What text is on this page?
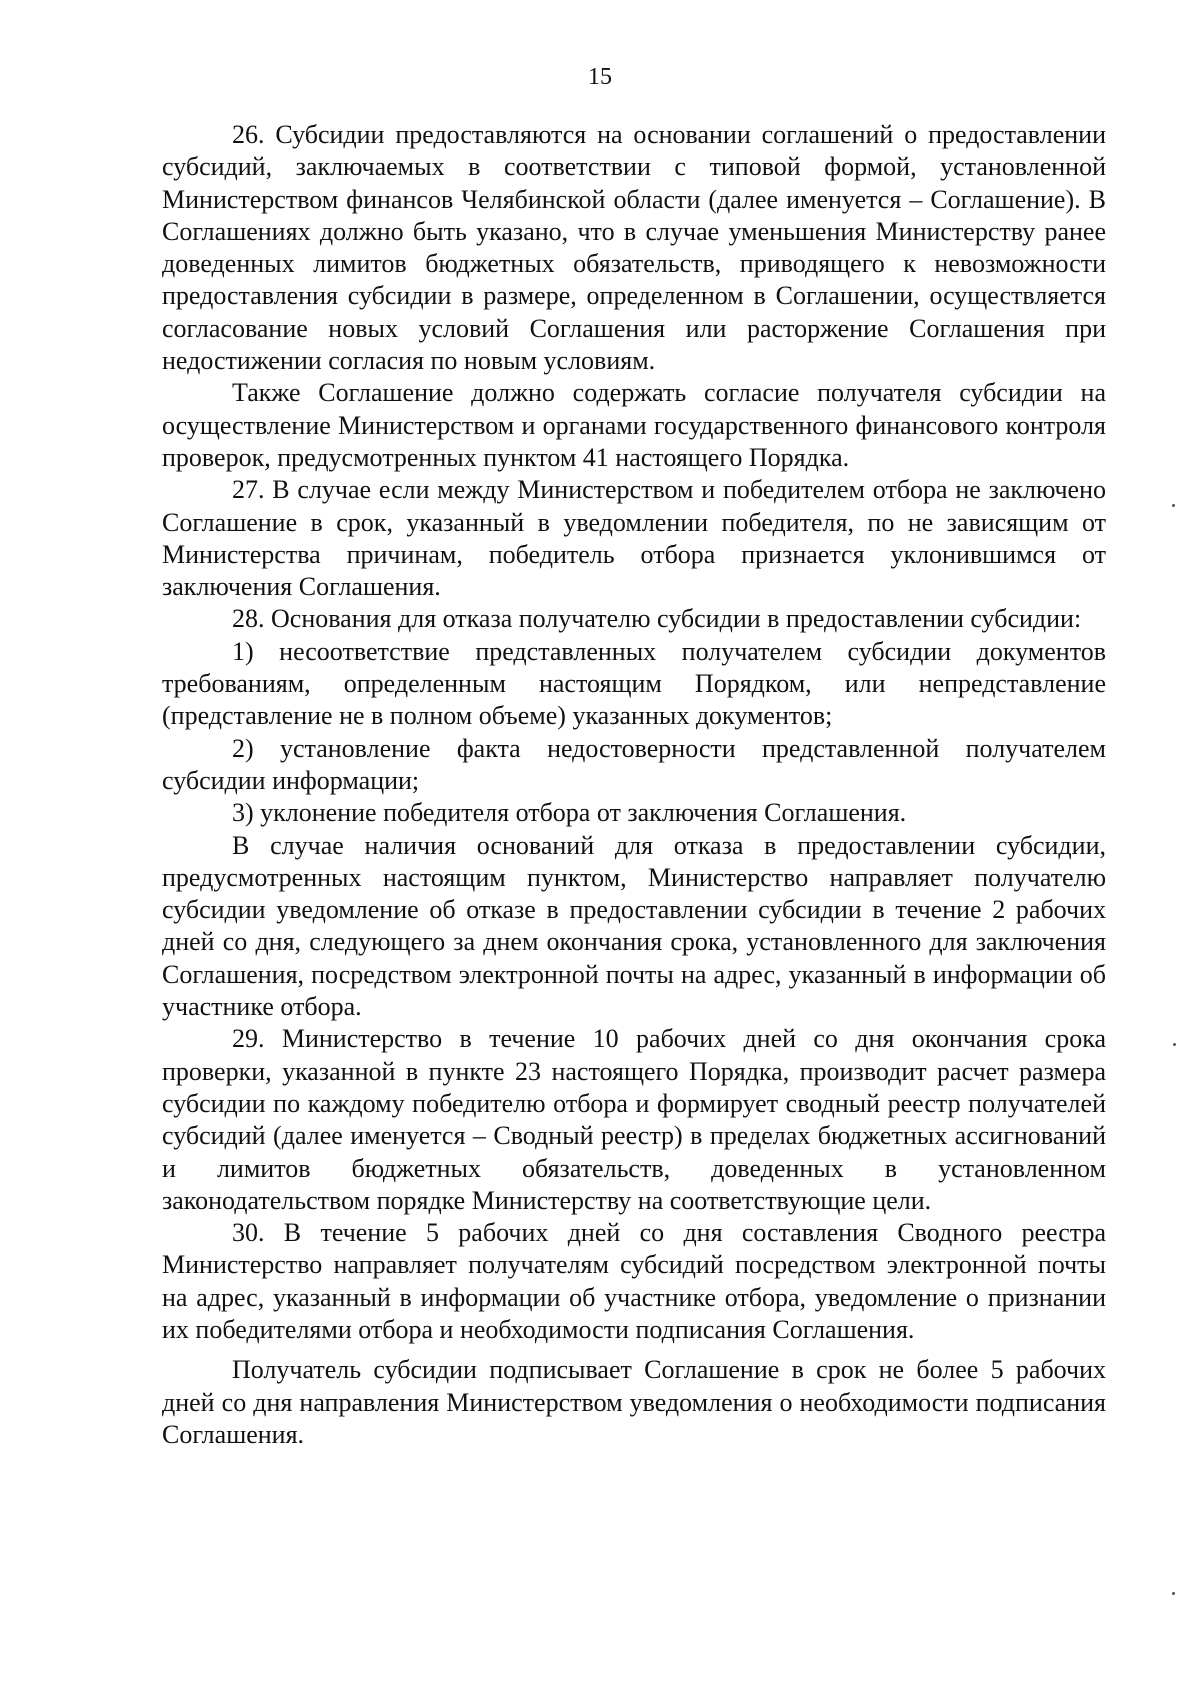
15

26. Субсидии предоставляются на основании соглашений о предоставлении субсидий, заключаемых в соответствии с типовой формой, установленной Министерством финансов Челябинской области (далее именуется – Соглашение). В Соглашениях должно быть указано, что в случае уменьшения Министерству ранее доведенных лимитов бюджетных обязательств, приводящего к невозможности предоставления субсидии в размере, определенном в Соглашении, осуществляется согласование новых условий Соглашения или расторжение Соглашения при недостижении согласия по новым условиям.

Также Соглашение должно содержать согласие получателя субсидии на осуществление Министерством и органами государственного финансового контроля проверок, предусмотренных пунктом 41 настоящего Порядка.

27. В случае если между Министерством и победителем отбора не заключено Соглашение в срок, указанный в уведомлении победителя, по не зависящим от Министерства причинам, победитель отбора признается уклонившимся от заключения Соглашения.

28. Основания для отказа получателю субсидии в предоставлении субсидии:

1) несоответствие представленных получателем субсидии документов требованиям, определенным настоящим Порядком, или непредставление (представление не в полном объеме) указанных документов;

2) установление факта недостоверности представленной получателем субсидии информации;

3) уклонение победителя отбора от заключения Соглашения.

В случае наличия оснований для отказа в предоставлении субсидии, предусмотренных настоящим пунктом, Министерство направляет получателю субсидии уведомление об отказе в предоставлении субсидии в течение 2 рабочих дней со дня, следующего за днем окончания срока, установленного для заключения Соглашения, посредством электронной почты на адрес, указанный в информации об участнике отбора.

29. Министерство в течение 10 рабочих дней со дня окончания срока проверки, указанной в пункте 23 настоящего Порядка, производит расчет размера субсидии по каждому победителю отбора и формирует сводный реестр получателей субсидий (далее именуется – Сводный реестр) в пределах бюджетных ассигнований и лимитов бюджетных обязательств, доведенных в установленном законодательством порядке Министерству на соответствующие цели.

30. В течение 5 рабочих дней со дня составления Сводного реестра Министерство направляет получателям субсидий посредством электронной почты на адрес, указанный в информации об участнике отбора, уведомление о признании их победителями отбора и необходимости подписания Соглашения.

Получатель субсидии подписывает Соглашение в срок не более 5 рабочих дней со дня направления Министерством уведомления о необходимости подписания Соглашения.
